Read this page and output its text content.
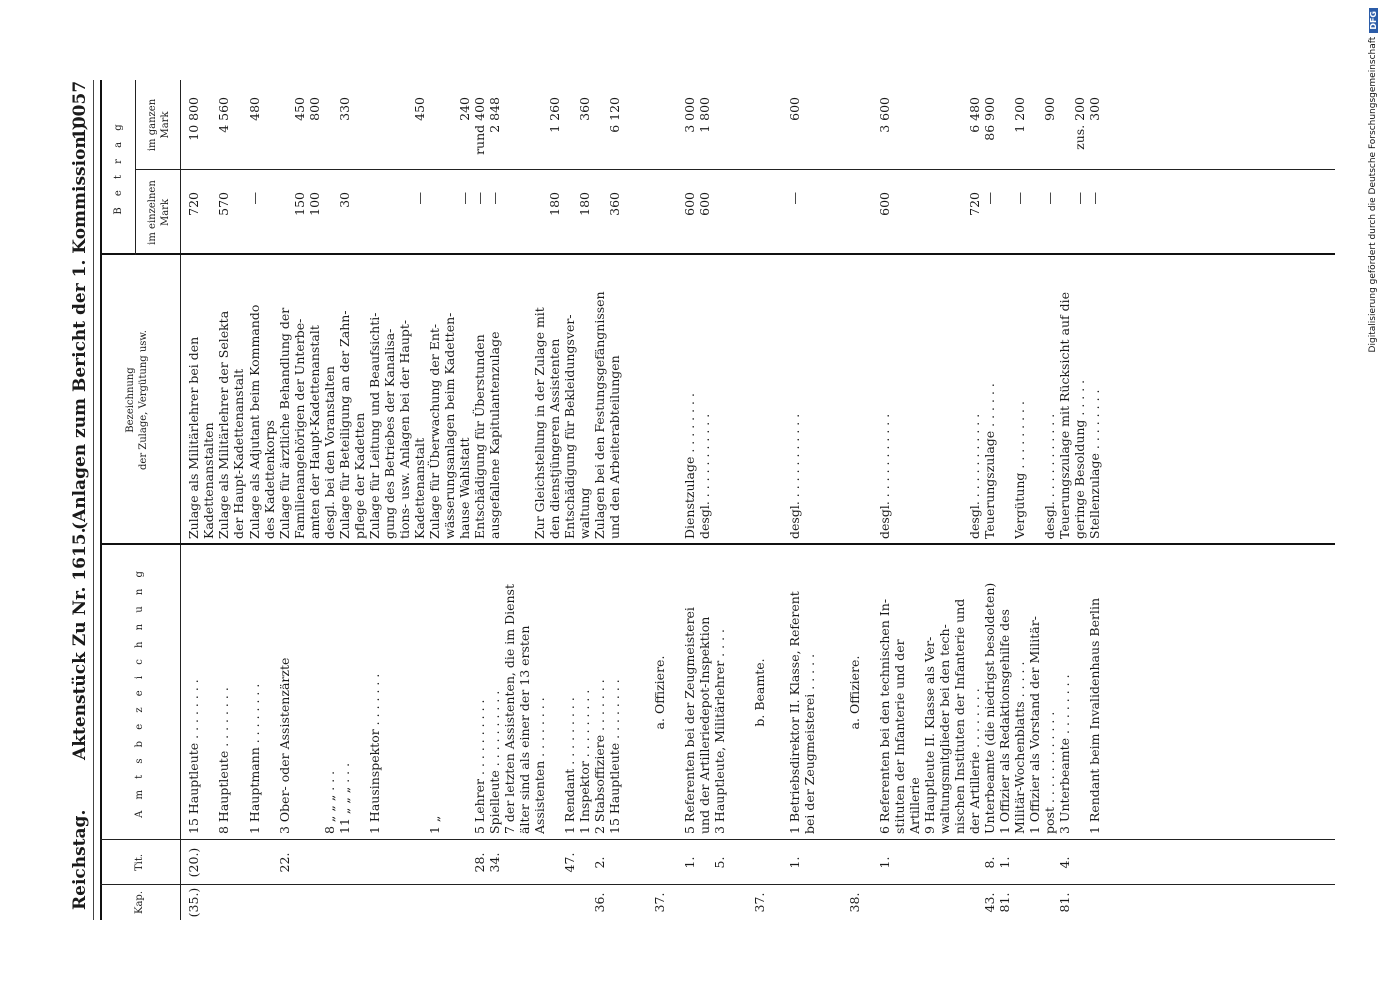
Reichstag.
Aktenstück Zu Nr. 1615.
(Anlagen zum Bericht der 1. Kommission.)
10057
Kap.
Tit.
A m t s b e z e i c h n u n g
Bezeichnung der Zulage, Vergütung usw.
B e t r a g im einzelnen Mark
im ganzen Mark
(35.)
(20.)
15 Hauptleute . . . . . . . .
Zulage als Militärlehrer bei den
720
10 800
Kadettenanstalten
8 Hauptleute . . . . . . . .
Zulage als Militärlehrer der Selekta
570
4 560
der Haupt-Kadettenanstalt
1 Hauptmann . . . . . . . .
Zulage als Adjutant beim Kommando
—
480
des Kadettenkorps
22.
3 Ober- oder Assistenzärzte
Zulage für ärztliche Behandlung der Familienangehörigen der Unterbe-
150
450
amten der Haupt-Kadettenanstalt
100
800
8 „ „ „ . . .
desgl. bei den Voranstalten
11 „ „ „ . . .
Zulage für Beteiligung an der Zahn-
30
330
pflege der Kadetten
1 Hausinspektor . . . . . . .
Zulage für Leitung und Beaufsichti- gung des Betriebes der Kanalisa- tions- usw. Anlagen bei der Haupt- Kadettenanstalt
—
450
1 „
Zulage für Überwachung der Ent- wässerungsanlagen beim Kadetten- hause Wahlstatt
—
240
28.
5 Lehrer . . . . . . . . . .
Entschädigung für Überstunden
—
rund 400
34.
Spielleute . . . . . . . . . .
ausgefallene Kapitulantenzulage
—
2 848
7 der letzten Assistenten, die im Dienst älter sind als einer der 13 ersten Assistenten . . . . . . . .
Zur Gleichstellung in der Zulage mit den dienstjüngeren Assistenten
180
1 260
47.
1 Rendant . . . . . . . . .
Entschädigung für Bekleidungsver-
1 Inspektor . . . . . . . . .
waltung
180
360
36.
2.
2 Stabsoffiziere . . . . . . .
Zulagen bei den Festungsgefängnissen
15 Hauptleute . . . . . . . .
und den Arbeiterabteilungen
360
6 120
a. Offiziere.
37.
1.
5 Referenten bei der Zeugmeisterei
Dienstzulage . . . . . . . .
600
3 000
und der Artilleriedepot-Inspektion
desgl. . . . . . . . . . . .
600
1 800
5.
3 Hauptleute, Militärlehrer . . . . b. Beamte.
37.
1.
1 Betriebsdirektor II. Klasse, Referent
desgl. . . . . . . . . . . .
—
600
bei der Zeugmeisterei . . . . . a. Offiziere.
38.
1.
6 Referenten bei den technischen In-
desgl. . . . . . . . . . . .
600
3 600
stituten der Infanterie und der Artillerie 9 Hauptleute II. Klasse als Ver- waltungsmitglieder bei den tech- nischen Instituten der Infanterie und der Artillerie . . . . . . . .
desgl. . . . . . . . . . . .
720
6 480
43.
8.
Unterbeamte (die niedrigst besoldeten)
Teuerungszulage . . . . . .
—
86 900
81.
1.
1 Offizier als Redaktionsgehilfe des Militär-Wochenblatts . . . . .
Vergütung . . . . . . . . .
—
1 200
1 Offizier als Vorstand der Militär- post . . . . . . . . . . . .
desgl. . . . . . . . . . . .
—
900
81.
4.
3 Unterbeamte . . . . . . . .
Teuerungszulage mit Rücksicht auf die geringe Besoldung . . . . .
—
zus. 200
1 Rendant beim Invalidenhaus Berlin
Stellenzulage . . . . . . . .
—
300	Digitalisierung gefördert durch die Deutsche Forschungsgemeinschaft
DFG
